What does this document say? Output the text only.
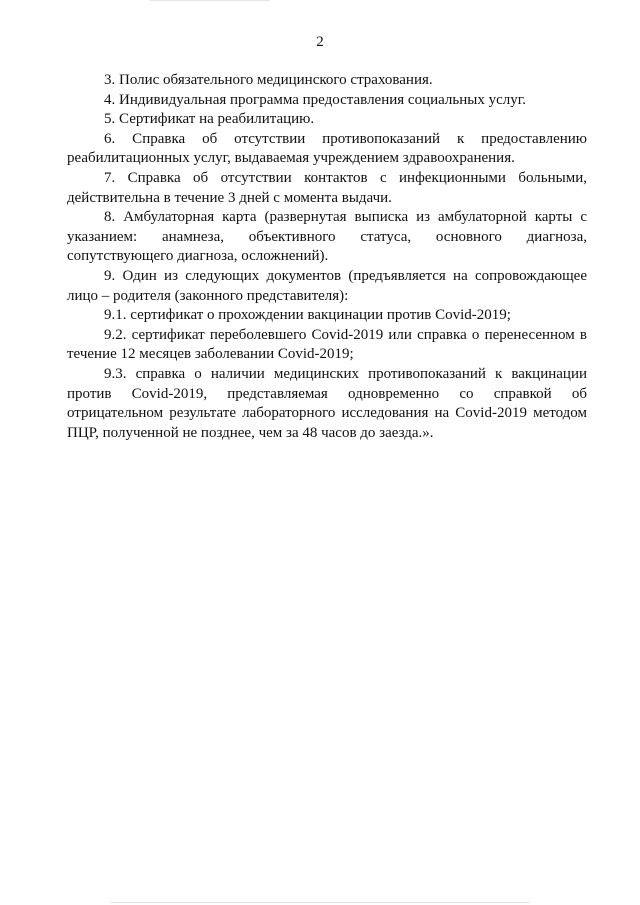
2

3. Полис обязательного медицинского страхования.

4. Индивидуальная программа предоставления социальных услуг.

5. Сертификат на реабилитацию.

6. Справка об отсутствии противопоказаний к предоставлению реабилитационных услуг, выдаваемая учреждением здравоохранения.

7. Справка об отсутствии контактов с инфекционными больными, действительна в течение 3 дней с момента выдачи.

8. Амбулаторная карта (развернутая выписка из амбулаторной карты с указанием: анамнеза, объективного статуса, основного диагноза, сопутствующего диагноза, осложнений).

9. Один из следующих документов (предъявляется на сопровождающее лицо – родителя (законного представителя):

9.1. сертификат о прохождении вакцинации против Covid-2019;

9.2. сертификат переболевшего Covid-2019 или справка о перенесенном в течение 12 месяцев заболевании Covid-2019;

9.3. справка о наличии медицинских противопоказаний к вакцинации против Covid-2019, представляемая одновременно со справкой об отрицательном результате лабораторного исследования на Covid-2019 методом ПЦР, полученной не позднее, чем за 48 часов до заезда.».
